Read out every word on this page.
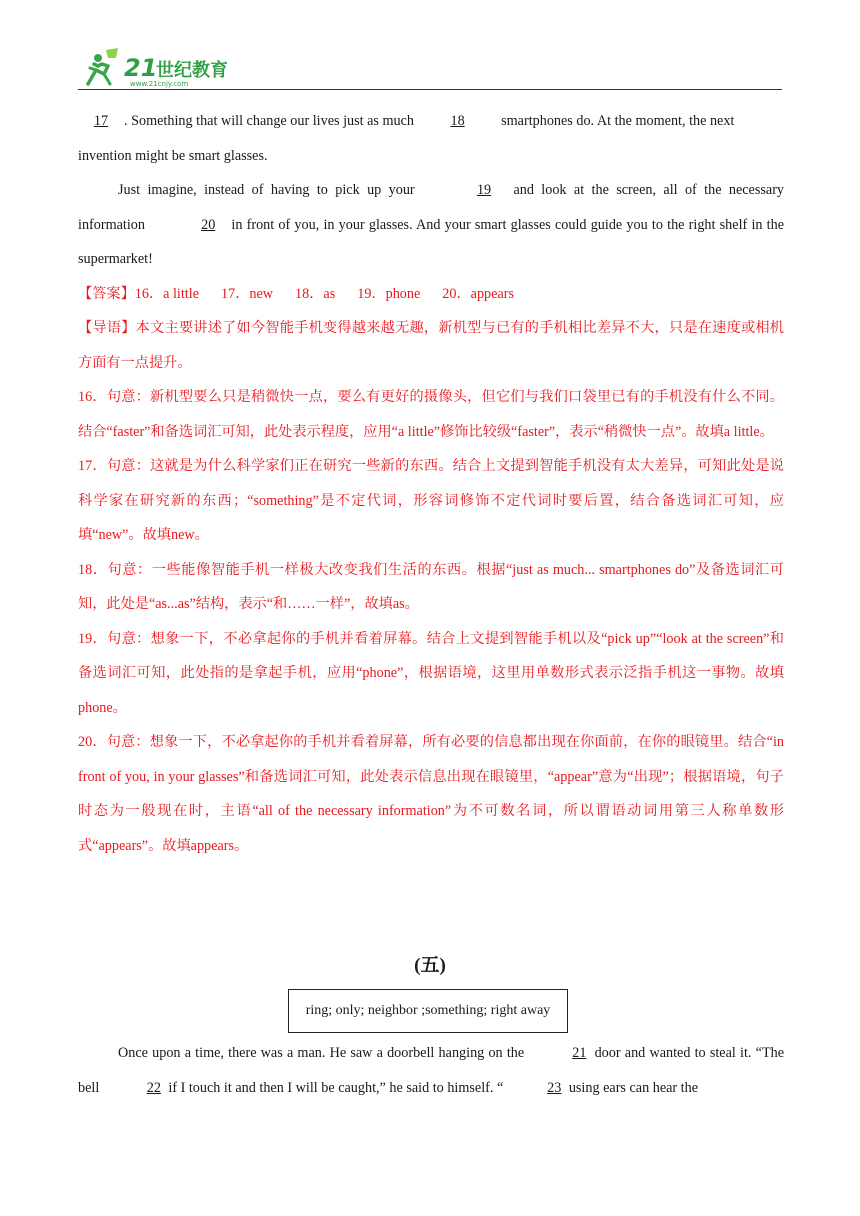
21
世纪教育
www.21cnjy.com

17 . Something that will change our lives just as much	18	smartphones do. At the moment, the next

invention might be smart glasses.

Just imagine, instead of having to pick up your	19 and look at the screen, all of the necessary information	20 in front of you, in your glasses. And your smart glasses could guide you to the right shelf in the supermarket!

【答案】16．a little 17．new 18．as 19．phone 20．appears

【导语】本文主要讲述了如今智能手机变得越来越无趣，新机型与已有的手机相比差异不大，只是在速度或相机方面有一点提升。

16．句意：新机型要么只是稍微快一点，要么有更好的摄像头，但它们与我们口袋里已有的手机没有什么不同。结合“faster”和备选词汇可知，此处表示程度，应用“a little”修饰比较级“faster”，表示“稍微快一点”。故填a little。

17．句意：这就是为什么科学家们正在研究一些新的东西。结合上文提到智能手机没有太大差异，可知此处是说科学家在研究新的东西；“something”是不定代词，形容词修饰不定代词时要后置，结合备选词汇可知，应填“new”。故填new。

18．句意：一些能像智能手机一样极大改变我们生活的东西。根据“just as much... smartphones do”及备选词汇可知，此处是“as...as”结构，表示“和……一样”，故填as。

19．句意：想象一下，不必拿起你的手机并看着屏幕。结合上文提到智能手机以及“pick up”“look at the screen”和备选词汇可知，此处指的是拿起手机，应用“phone”，根据语境，这里用单数形式表示泛指手机这一事物。故填phone。

20．句意：想象一下，不必拿起你的手机并看着屏幕，所有必要的信息都出现在你面前，在你的眼镜里。结合“in front of you, in your glasses”和备选词汇可知，此处表示信息出现在眼镜里，“appear”意为“出现”；根据语境，句子时态为一般现在时，主语“all of the necessary information”为不可数名词，所以谓语动词用第三人称单数形式“appears”。故填appears。

(五)
ring; only; neighbor ;something; right away

Once upon a time, there was a man. He saw a doorbell hanging on the	21 door and wanted to steal it. “The bell	22 if I touch it and then I will be caught,” he said to himself. “	23 using ears can hear the
